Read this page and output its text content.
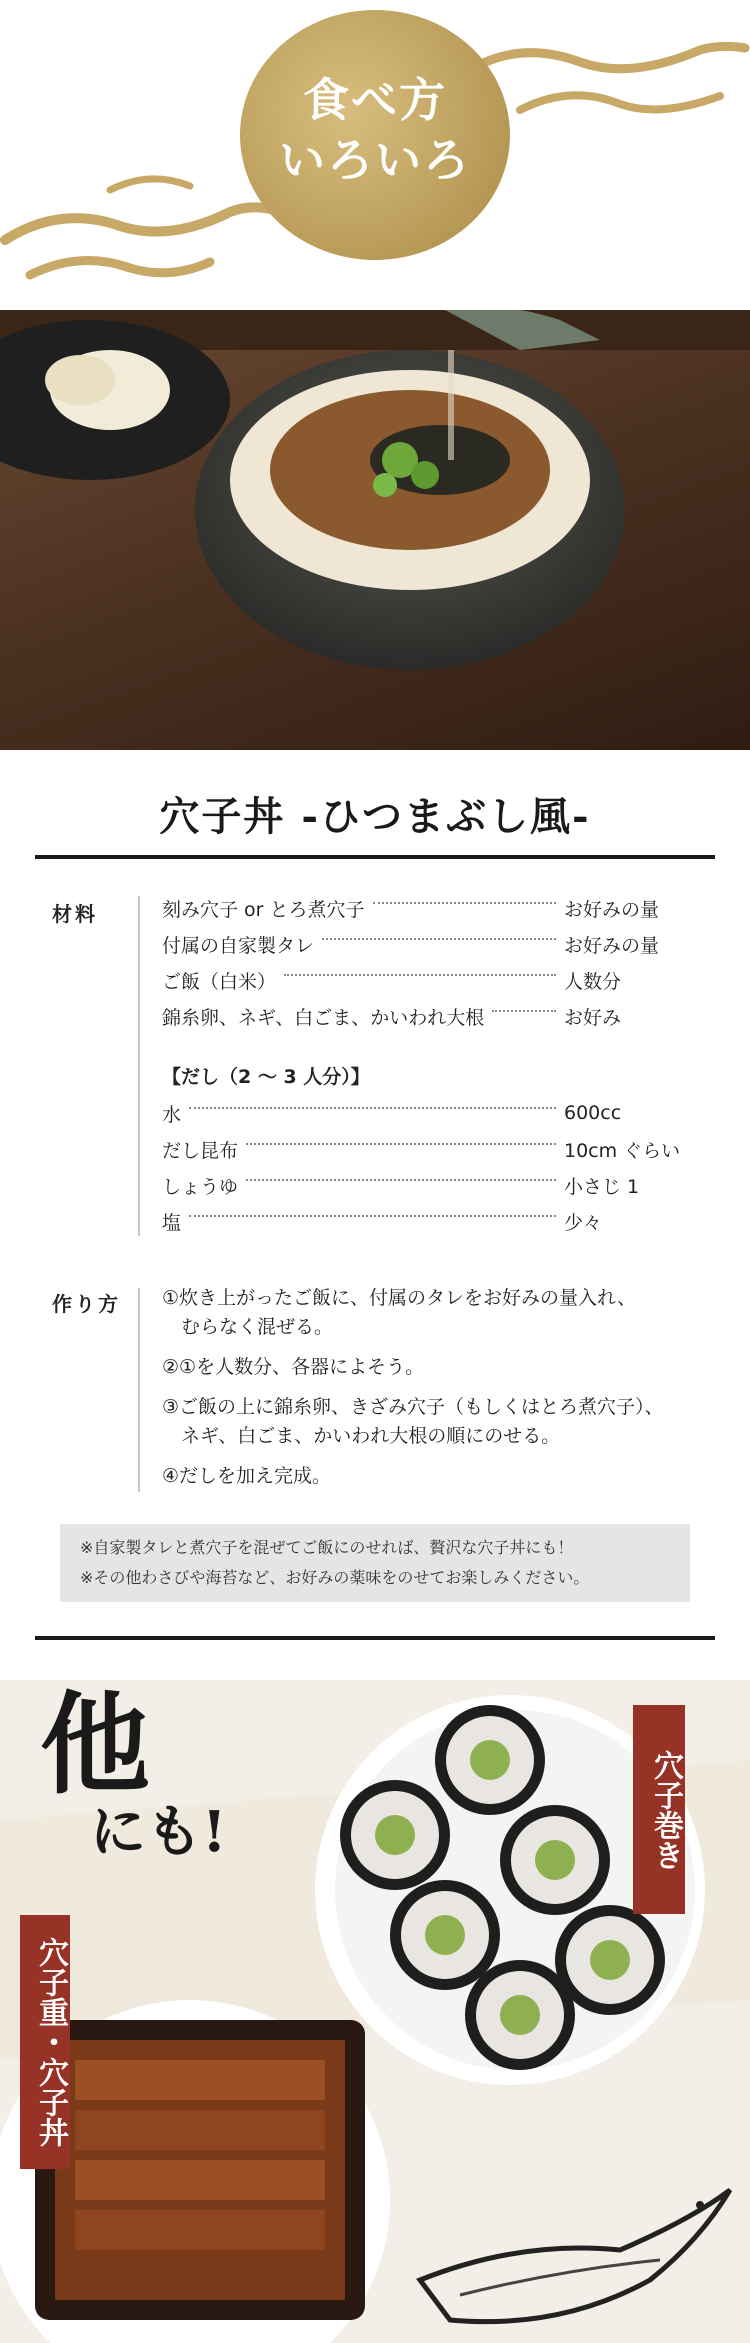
食べ方
いろいろ
穴子丼 -ひつまぶし風-
材料	刻み穴子 or とろ煮穴子	お好みの量
付属の自家製タレ	お好みの量
ご飯（白米）	人数分
錦糸卵、ネギ、白ごま、かいわれ大根	お好み
【だし（2 〜 3 人分）】
水	600cc
だし昆布	10cm ぐらい
しょうゆ	小さじ 1
塩	少々
作り方 ①炊き上がったご飯に、付属のタレをお好みの量入れ、
　むらなく混ぜる。
②①を人数分、各器によそう。
③ご飯の上に錦糸卵、きざみ穴子（もしくはとろ煮穴子）、
　ネギ、白ごま、かいわれ大根の順にのせる。
④だしを加え完成。
※自家製タレと煮穴子を混ぜてご飯にのせれば、贅沢な穴子丼にも！
※その他わさびや海苔など、お好みの薬味をのせてお楽しみください。
他
にも!	穴子巻き
穴子重・穴子丼
